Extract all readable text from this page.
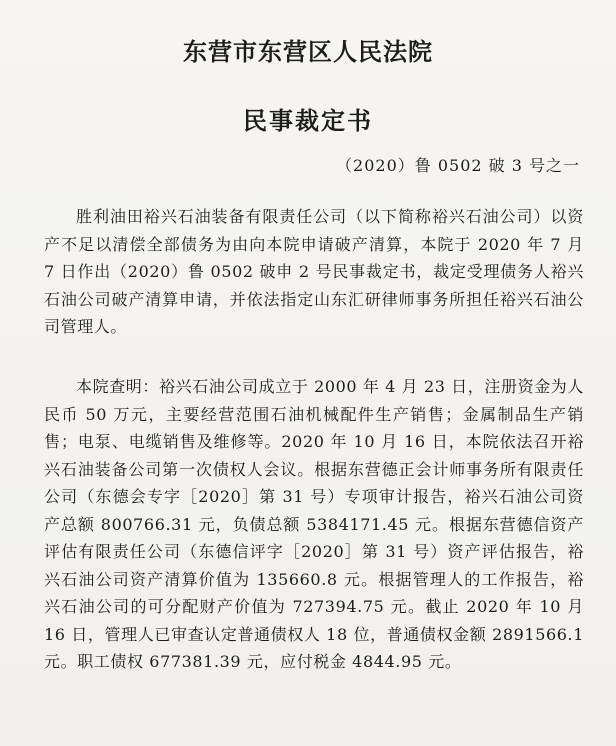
东营市东营区人民法院
民事裁定书
（2020）鲁 0502 破 3 号之一

胜利油田裕兴石油装备有限责任公司（以下简称裕兴石油公司）以资产不足以清偿全部债务为由向本院申请破产清算，本院于 2020 年 7 月 7 日作出（2020）鲁 0502 破申 2 号民事裁定书，裁定受理债务人裕兴石油公司破产清算申请，并依法指定山东汇研律师事务所担任裕兴石油公司管理人。

本院查明：裕兴石油公司成立于 2000 年 4 月 23 日，注册资金为人民币 50 万元，主要经营范围石油机械配件生产销售；金属制品生产销售；电泵、电缆销售及维修等。2020 年 10 月 16 日，本院依法召开裕兴石油装备公司第一次债权人会议。根据东营德正会计师事务所有限责任公司（东德会专字［2020］第 31 号）专项审计报告，裕兴石油公司资产总额 800766.31 元，负债总额 5384171.45 元。根据东营德信资产评估有限责任公司（东德信评字［2020］第 31 号）资产评估报告，裕兴石油公司资产清算价值为 135660.8 元。根据管理人的工作报告，裕兴石油公司的可分配财产价值为 727394.75 元。截止 2020 年 10 月 16 日，管理人已审查认定普通债权人 18 位，普通债权金额 2891566.1 元。职工债权 677381.39 元，应付税金 4844.95 元。
